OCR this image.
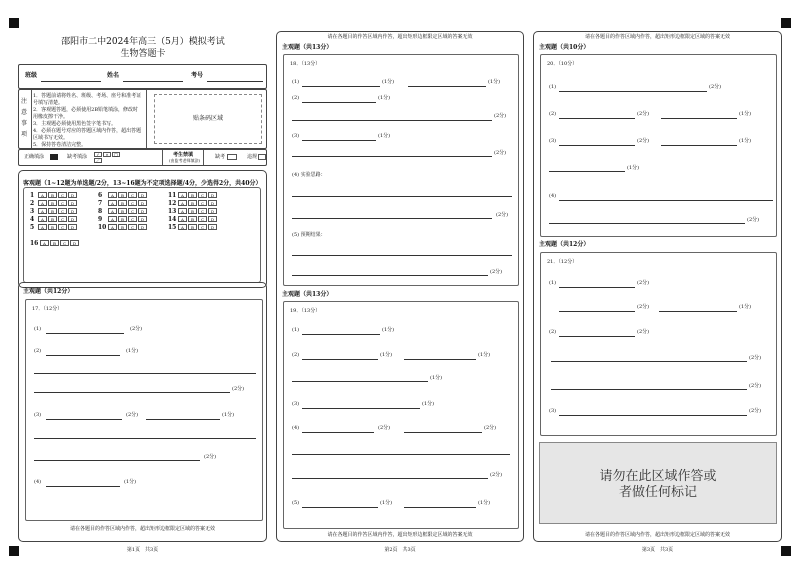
邵阳市二中2024年高三（5月）模拟考试
生物答题卡
班级	姓名	考号
注意事项
1．答题前请将姓名、班级、考场、座号和准考证号填写清楚。
2．客观题答题，必须使用2B铅笔填涂，修改时用橡皮擦干净。
3．主观题必须使用黑色签字笔书写。
4．必须在题号对应的答题区域内作答，超出答题区域书写无效。
5．保持答卷清洁完整。
贴条码区域
正确填涂	缺考填涂	✓	×	◯
／
考生禁填
(由监考老师填涂)
缺考	违规
客观题（1~12题为单选题/2分，13~16题为不定项选择题/4分，少选得2分，共40分）
1	A	B	C	D
2	A	B	C	D
3	A	B	C	D
4	A	B	C	D
5	A	B	C	D
6	A	B	C	D
7	A	B	C	D
8	A	B	C	D
9	A	B	C	D
10	A	B	C	D
11	A	B	C	D
12	A	B	C	D
13	A	B	C	D
14	A	B	C	D
15	A	B	C	D
16	A	B	C	D
主观题（共12分）
17．（12分）
(1)	(2分)
(2)	(1分)
(2分)
(3)	(2分)	(1分)
(2分)
(4)	(1分)
请在各题目的作答区域内作答，超出矩形边框限定区域的答案无效
第1页　共3页
请在各题目的作答区域内作答，超出矩形边框限定区域的答案无效
主观题（共13分）
18．（13分）
(1)	(1分)	(1分)
(2)	(1分)
(2分)
(3)	(1分)
(2分)
(4) 实验思路：
(2分)
(5) 预期结果：
(2分)
主观题（共13分）
19．（13分）
(1)	(1分)
(2)	(1分)	(1分)
(1分)
(3)	(1分)
(4)	(2分)	(2分)
(2分)
(5)	(1分)	(1分)
请在各题目的作答区域内作答，超出矩形边框限定区域的答案无效
第2页　共3页
请在各题目的作答区域内作答，超出矩形边框限定区域的答案无效
主观题（共10分）
20．（10分）
(1)	(2分)
(2)	(2分)	(1分)
(3)	(2分)	(1分)
(1分)
(4)
(2分)
主观题（共12分）
21．（12分）
(1)	(2分)
(2分)	(1分)
(2)	(2分)
(2分)
(2分)
(3)	(2分)
请勿在此区域作答或
者做任何标记
请在各题目的作答区域内作答，超出矩形边框限定区域的答案无效
第3页　共3页
